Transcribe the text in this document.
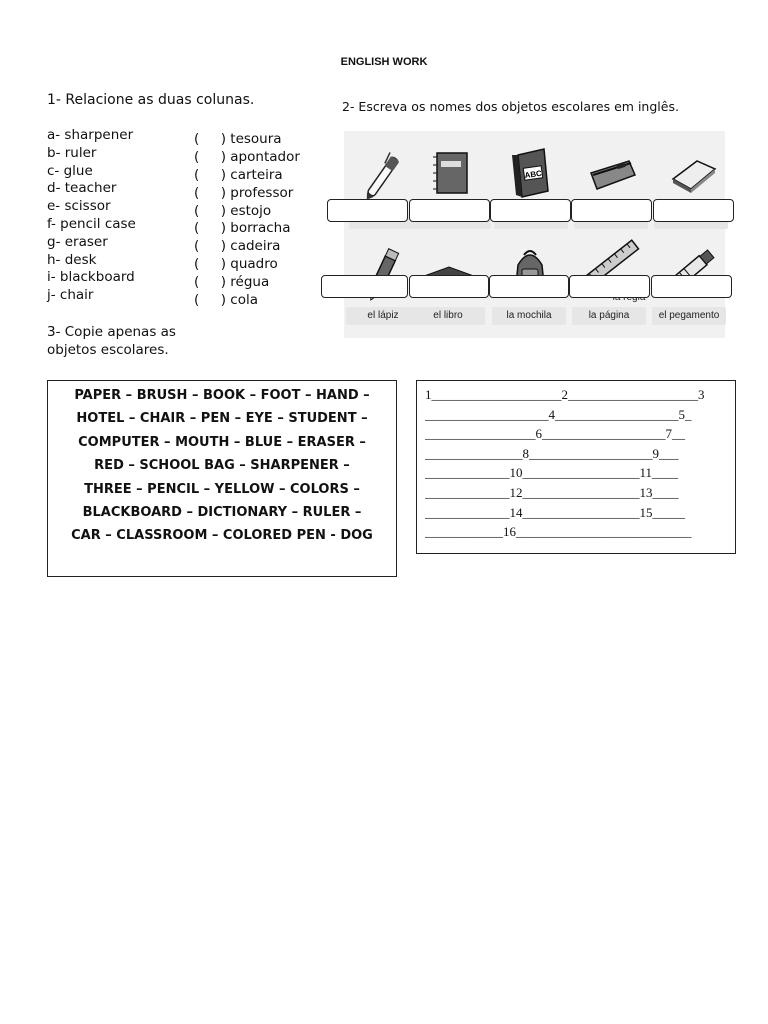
ENGLISH WORK
1- Relacione as duas colunas.
a- sharpener
b- ruler
c- glue
d- teacher
e- scissor
f- pencil case
g- eraser
h- desk
i- blackboard
j- chair
(     ) tesoura
(     ) apontador
(     ) carteira
(     ) professor
(     ) estojo
(     ) borracha
(     ) cadeira
(     ) quadro
(     ) régua
(     ) cola
3- Copie apenas as objetos escolares.
2- Escreva os nomes dos objetos escolares em inglês.
ABC
el lápiz	el libro	la mochila	la página	el pegamento
PAPER – BRUSH – BOOK – FOOT – HAND –
HOTEL – CHAIR – PEN – EYE – STUDENT –
COMPUTER – MOUTH – BLUE – ERASER –
RED – SCHOOL BAG – SHARPENER –
THREE – PENCIL – YELLOW – COLORS –
BLACKBOARD – DICTIONARY – RULER –
CAR – CLASSROOM – COLORED PEN - DOG
1____________________2____________________3
___________________4___________________5_
_________________6___________________7__
_______________8___________________9___
_____________10__________________11____
_____________12__________________13____
_____________14__________________15_____
____________16___________________________
